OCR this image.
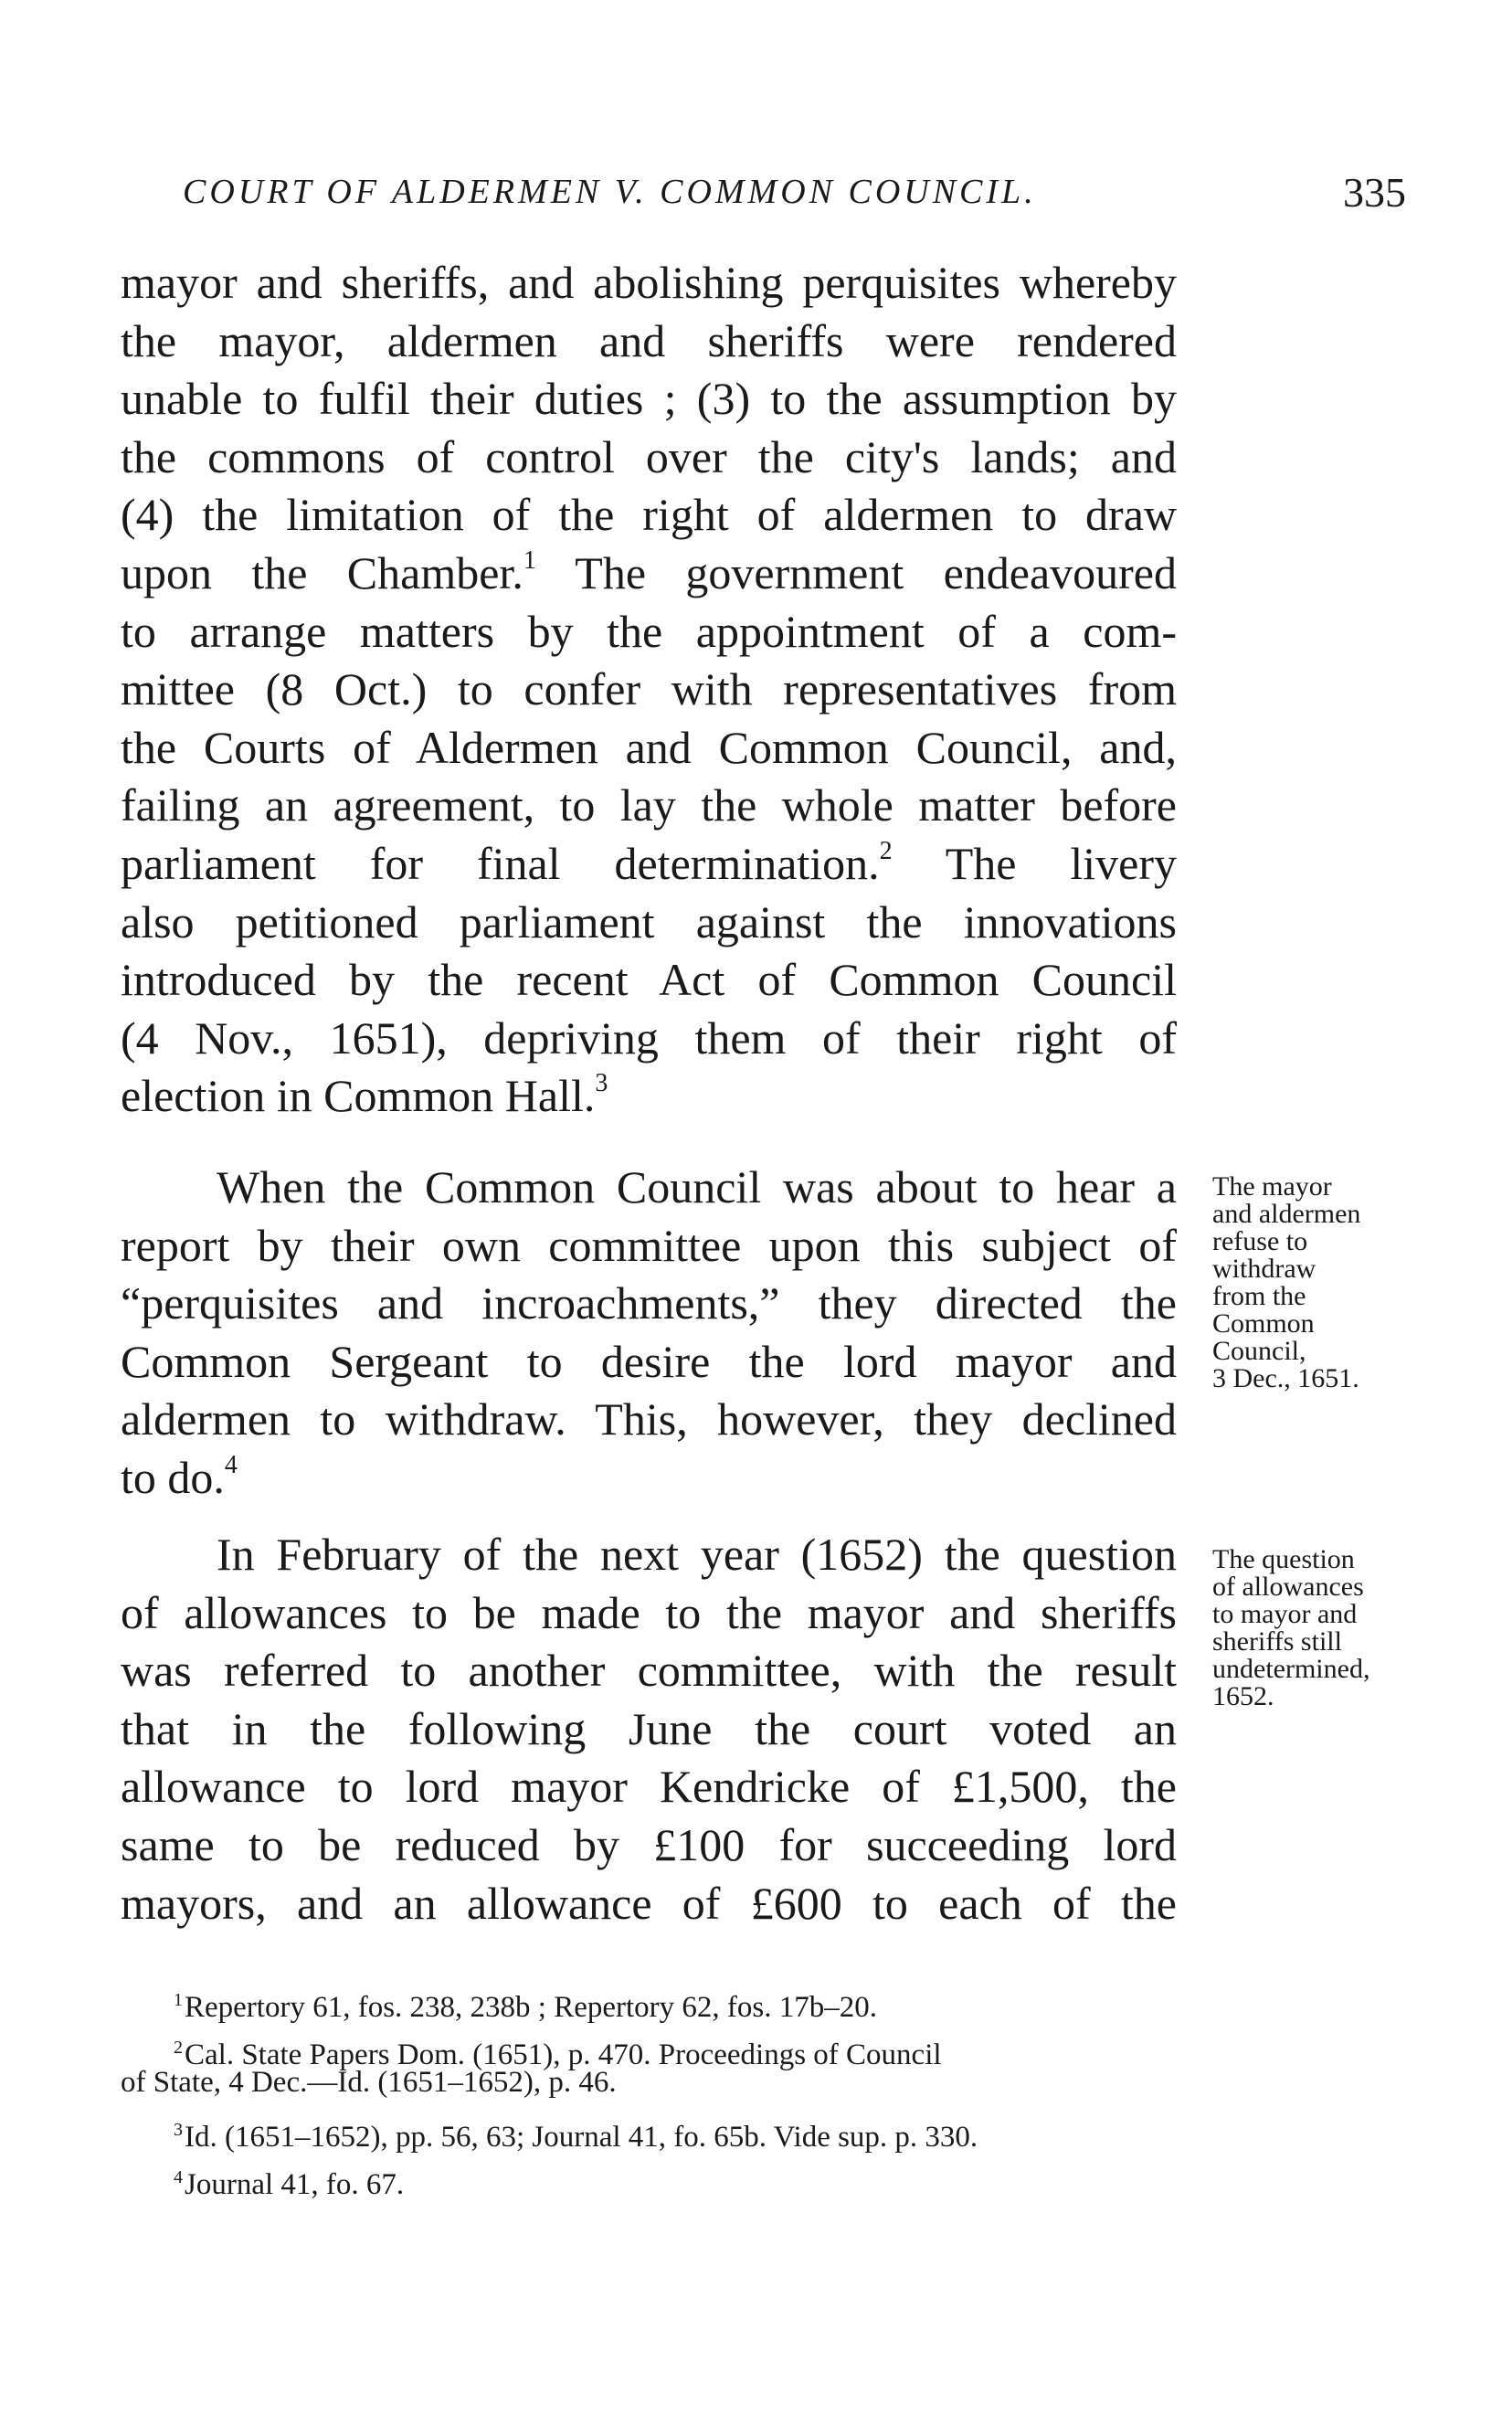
COURT OF ALDERMEN V. COMMON COUNCIL.	335
mayor and sheriffs, and abolishing perquisites whereby
the mayor, aldermen and sheriffs were rendered
unable to fulfil their duties ; (3) to the assumption by
the commons of control over the city's lands; and
(4) the limitation of the right of aldermen to draw
upon the Chamber.$^1$ The government endeavoured
to arrange matters by the appointment of a com-
mittee (8 Oct.) to confer with representatives from
the Courts of Aldermen and Common Council, and,
failing an agreement, to lay the whole matter before
parliament for final determination.$^2$ The livery
also petitioned parliament against the innovations
introduced by the recent Act of Common Council
(4 Nov., 1651), depriving them of their right of
election in Common Hall.$^3$
When the Common Council was about to hear a
report by their own committee upon this subject of
“perquisites and incroachments,” they directed the
Common Sergeant to desire the lord mayor and
aldermen to withdraw. This, however, they declined
to do.$^4$
In February of the next year (1652) the question
of allowances to be made to the mayor and sheriffs
was referred to another committee, with the result
that in the following June the court voted an
allowance to lord mayor Kendricke of £1,500, the
same to be reduced by £100 for succeeding lord
mayors, and an allowance of £600 to each of the
The mayor
and aldermen
refuse to
withdraw
from the
Common
Council,
3 Dec., 1651.
The question
of allowances
to mayor and
sheriffs still
undetermined,
1652.
$^1$Repertory 61, fos. 238, 238b ; Repertory 62, fos. 17b–20.
$^2$Cal. State Papers Dom. (1651), p. 470. Proceedings of Council
of State, 4 Dec.—Id. (1651–1652), p. 46.
$^3$Id. (1651–1652), pp. 56, 63; Journal 41, fo. 65b. Vide sup. p. 330.
$^4$Journal 41, fo. 67.
